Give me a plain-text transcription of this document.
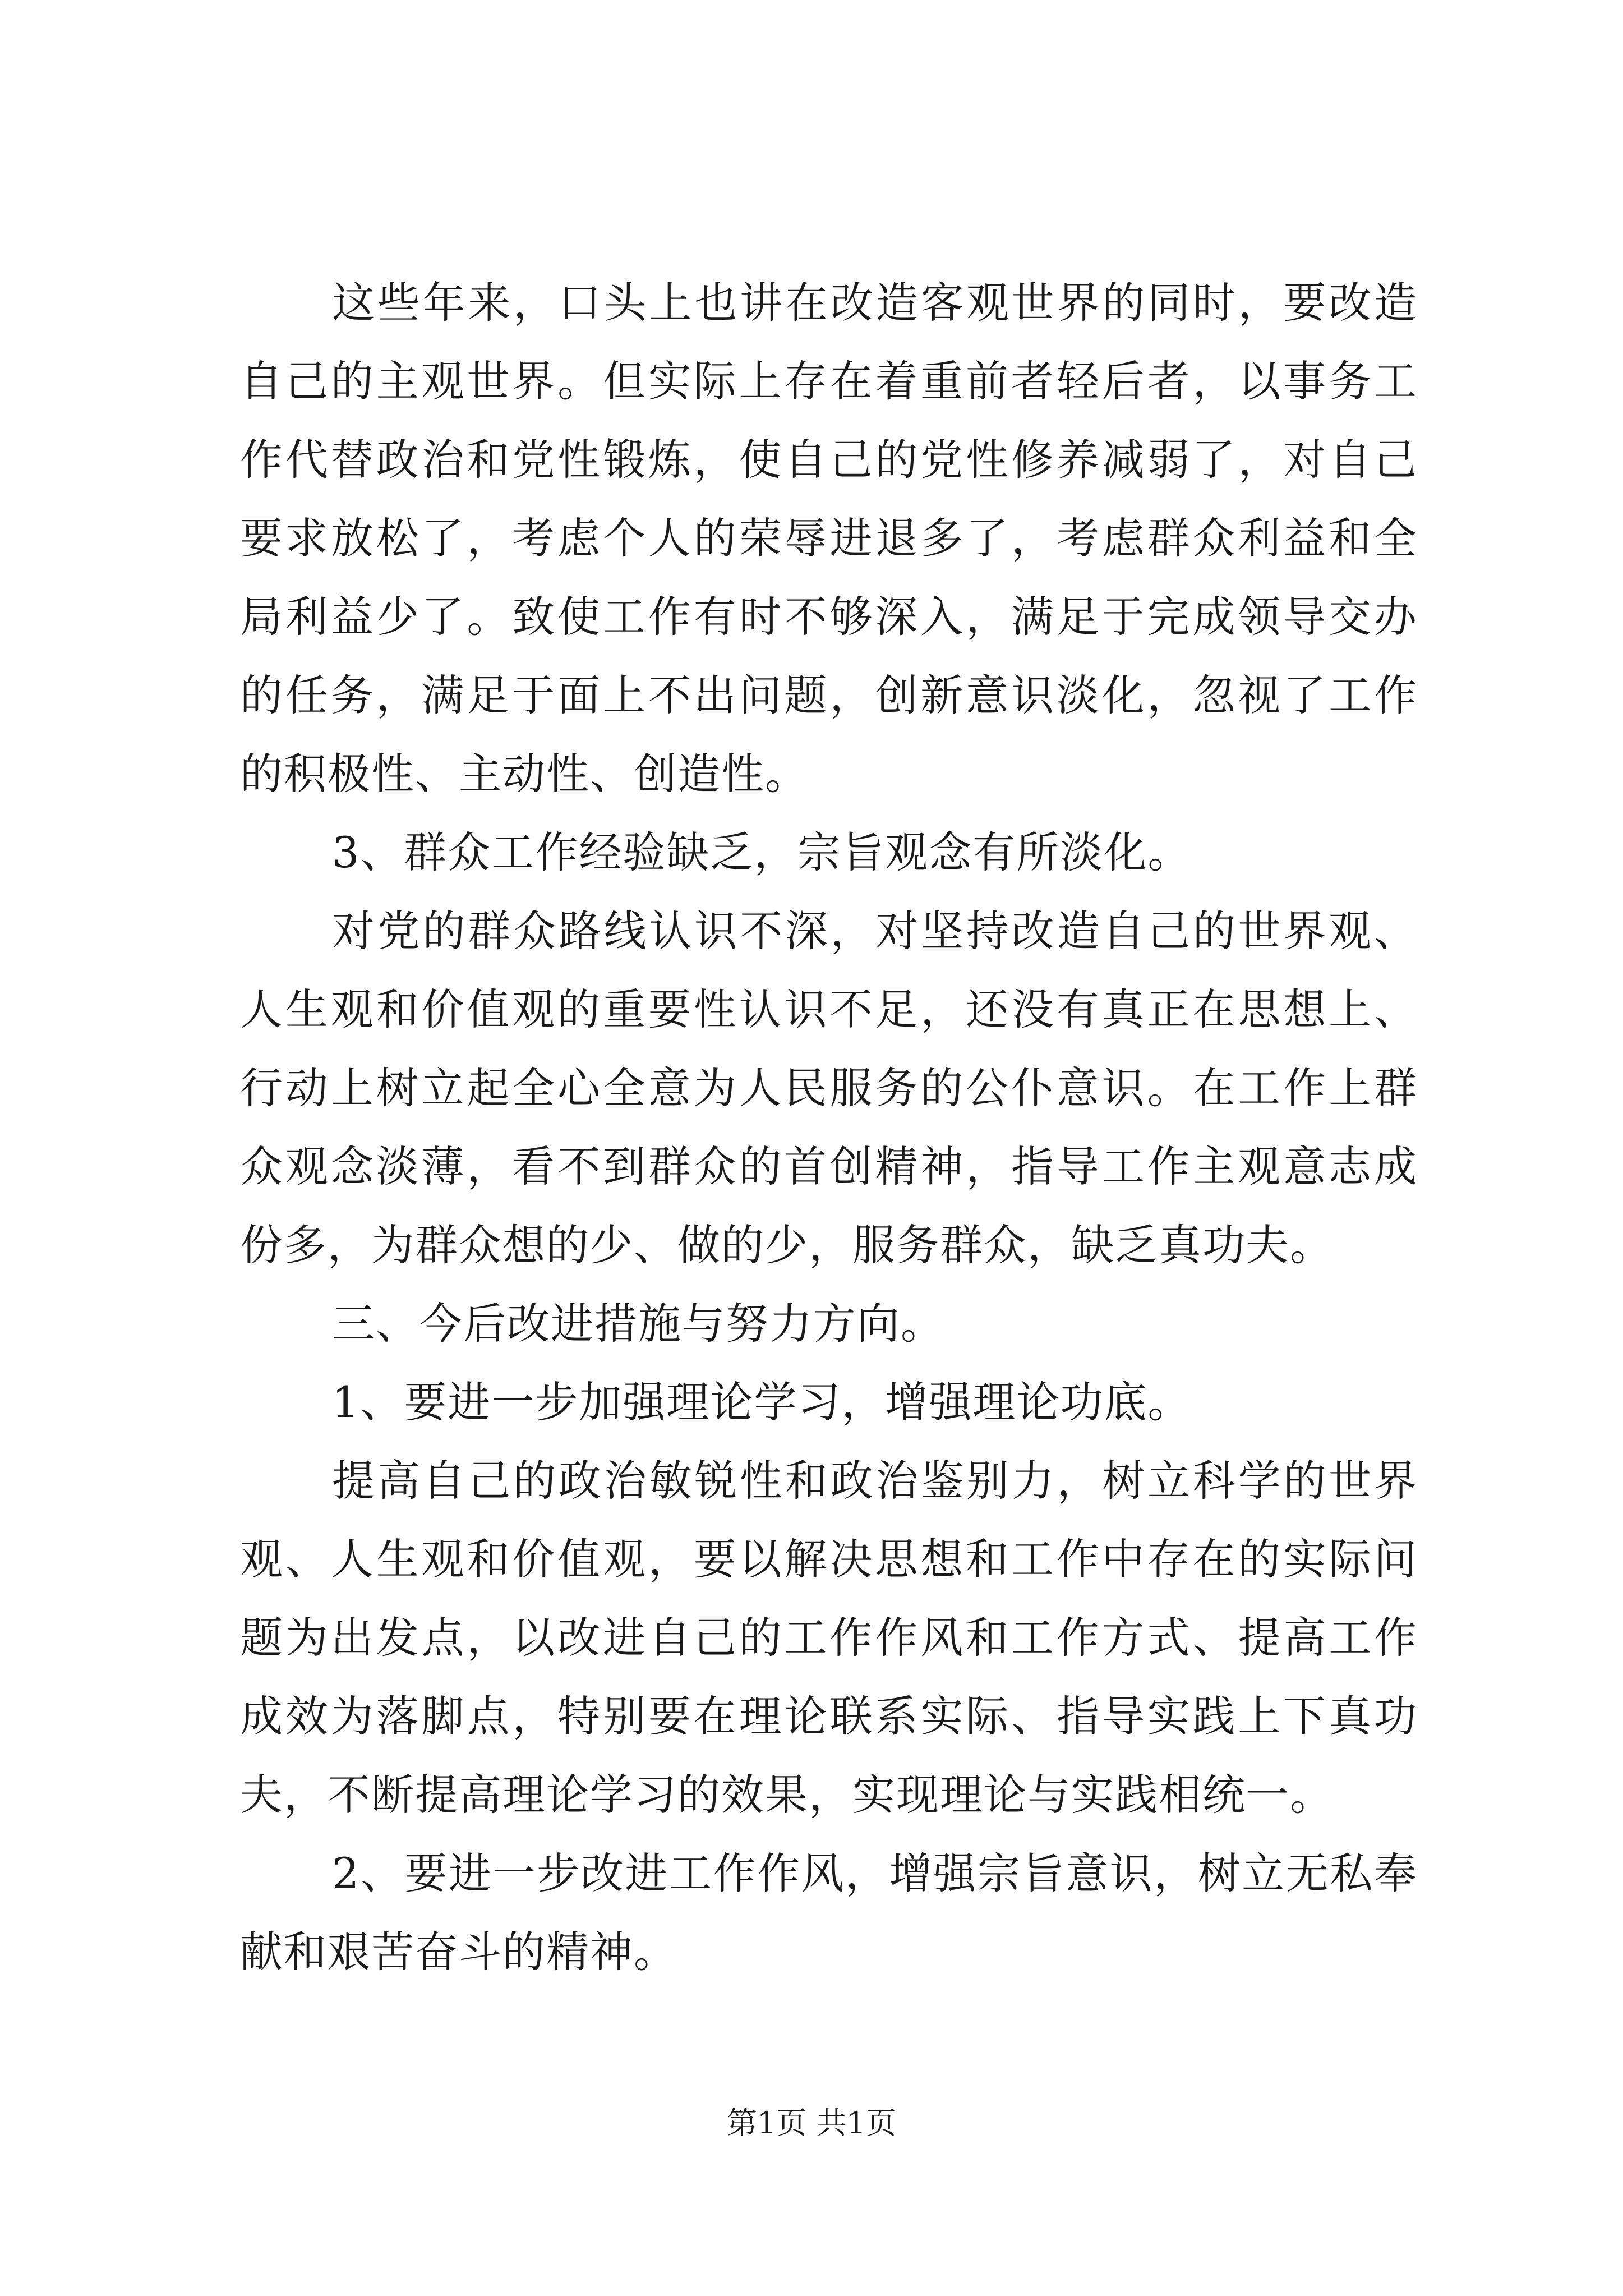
这些年来，口头上也讲在改造客观世界的同时，要改造自己的主观世界。但实际上存在着重前者轻后者，以事务工作代替政治和党性锻炼，使自己的党性修养减弱了，对自己要求放松了，考虑个人的荣辱进退多了，考虑群众利益和全局利益少了。致使工作有时不够深入，满足于完成领导交办的任务，满足于面上不出问题，创新意识淡化，忽视了工作的积极性、主动性、创造性。

3、群众工作经验缺乏，宗旨观念有所淡化。

对党的群众路线认识不深，对坚持改造自己的世界观、人生观和价值观的重要性认识不足，还没有真正在思想上、行动上树立起全心全意为人民服务的公仆意识。在工作上群众观念淡薄，看不到群众的首创精神，指导工作主观意志成份多，为群众想的少、做的少，服务群众，缺乏真功夫。

三、今后改进措施与努力方向。

1、要进一步加强理论学习，增强理论功底。

提高自己的政治敏锐性和政治鉴别力，树立科学的世界观、人生观和价值观，要以解决思想和工作中存在的实际问题为出发点，以改进自己的工作作风和工作方式、提高工作成效为落脚点，特别要在理论联系实际、指导实践上下真功夫，不断提高理论学习的效果，实现理论与实践相统一。

2、要进一步改进工作作风，增强宗旨意识，树立无私奉献和艰苦奋斗的精神。

第1页 共1页
